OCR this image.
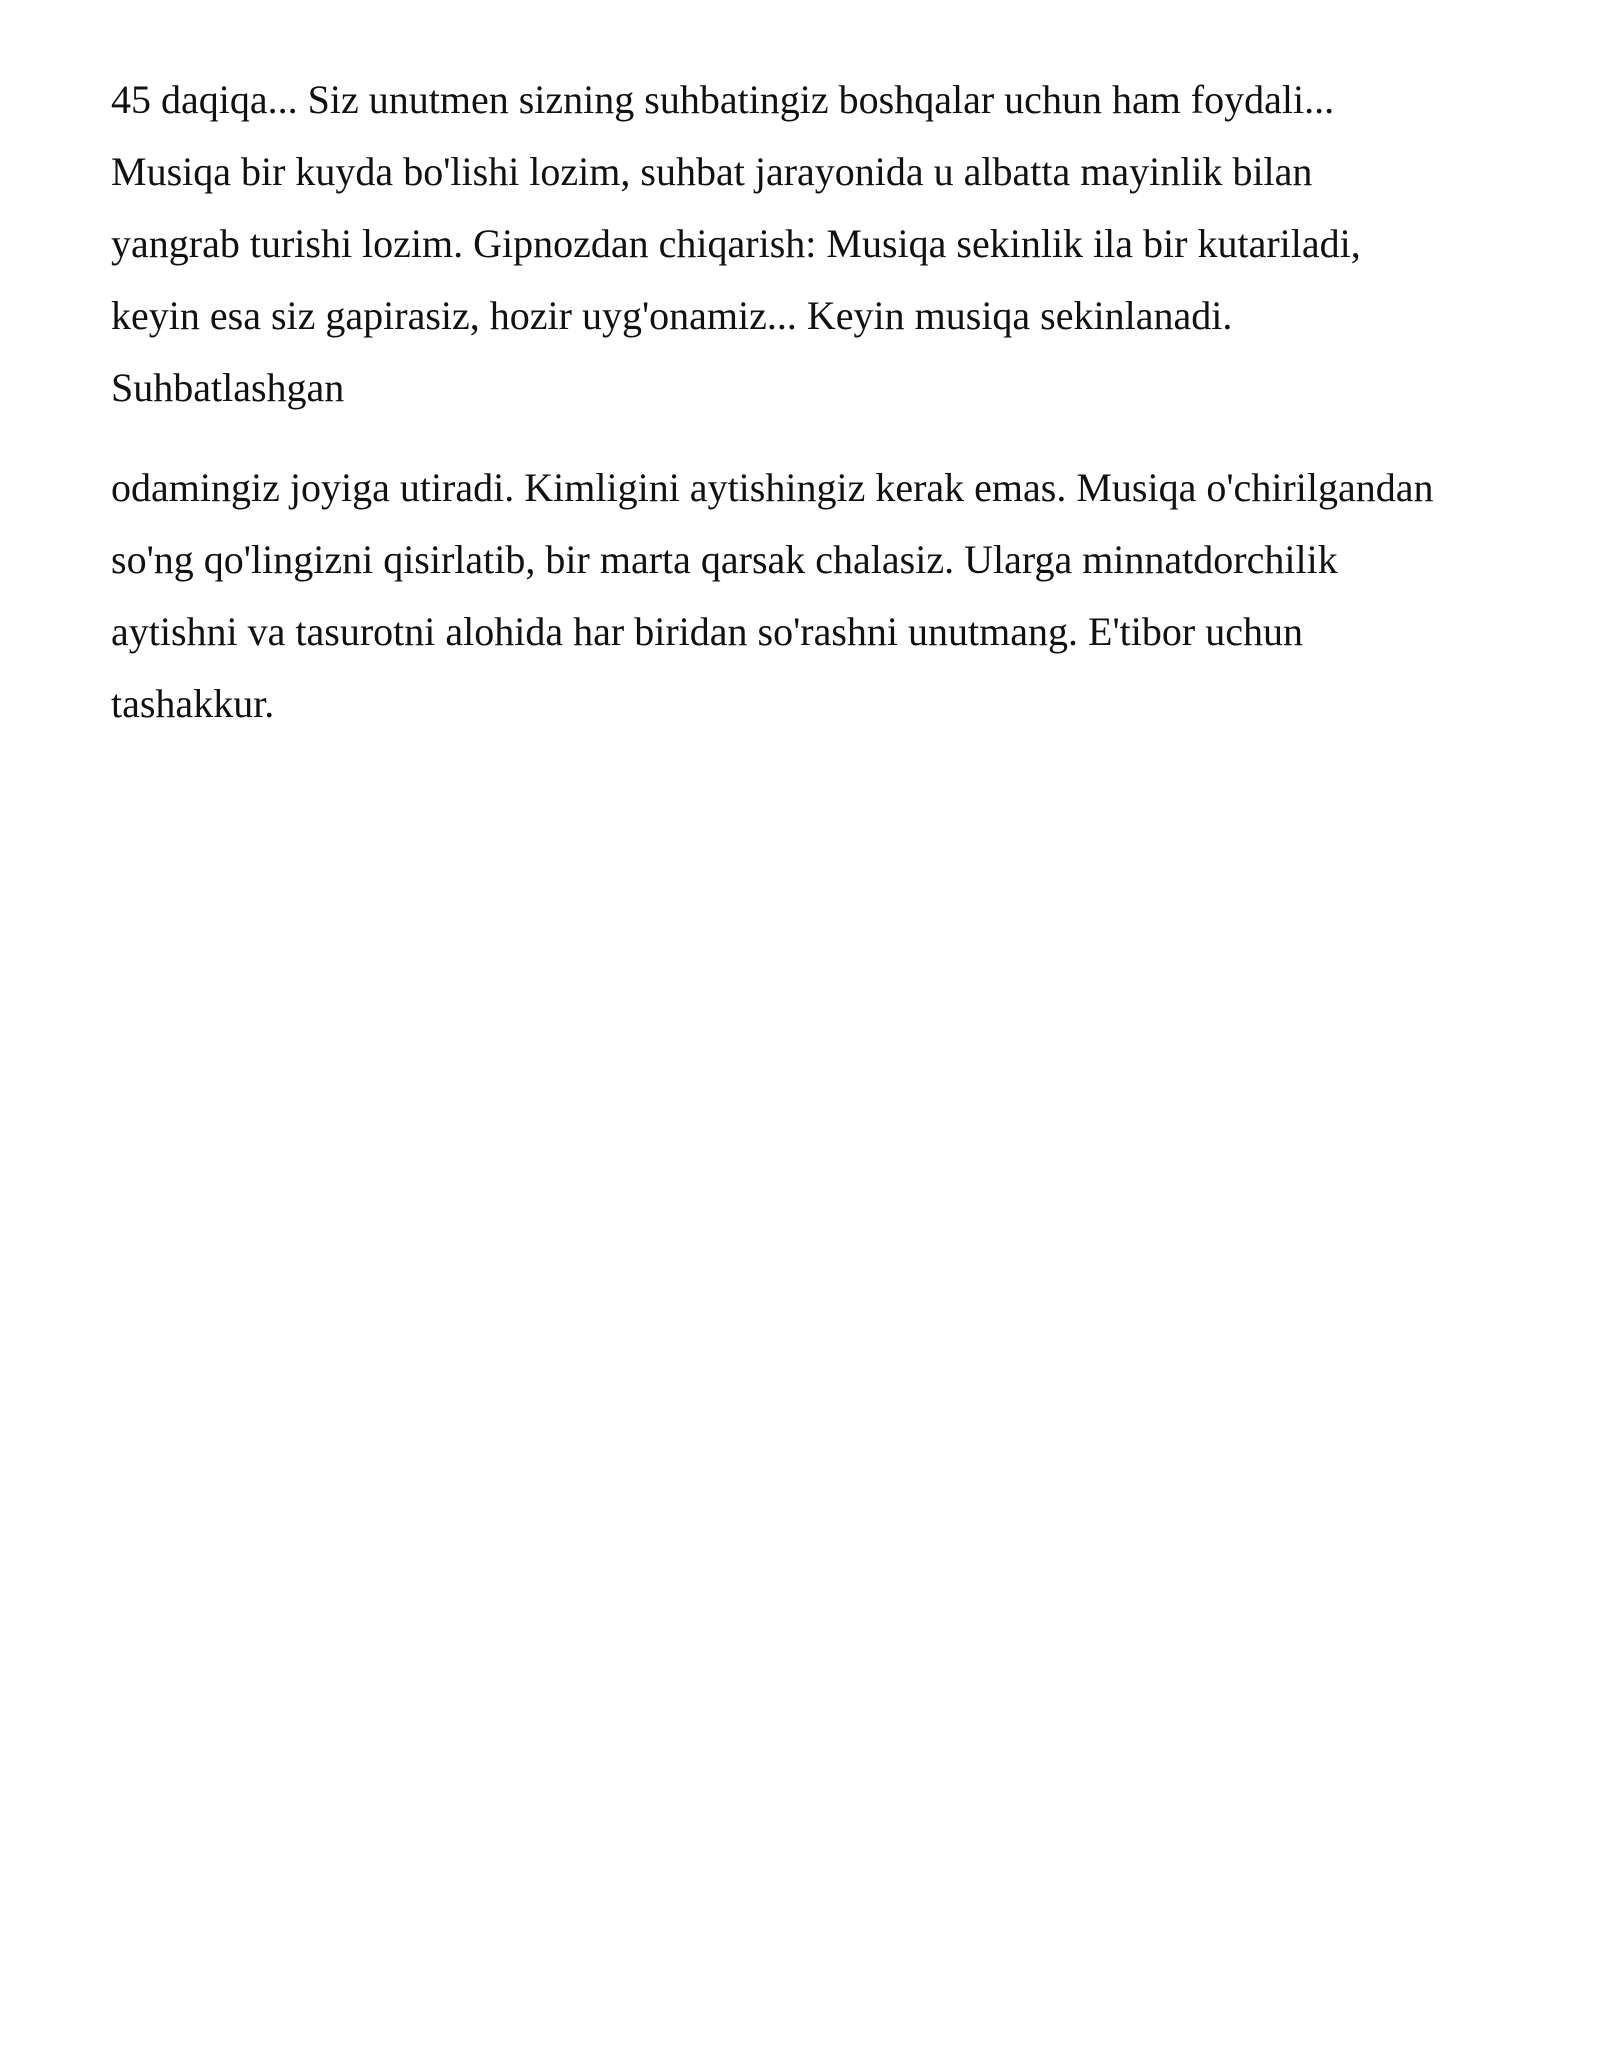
45 daqiqa... Siz unutmen sizning suhbatingiz boshqalar uchun ham foydali...
Musiqa bir kuyda bo'lishi lozim, suhbat jarayonida u albatta mayinlik bilan
yangrab turishi lozim. Gipnozdan chiqarish: Musiqa sekinlik ila bir kutariladi,
keyin esa siz gapirasiz, hozir uyg'onamiz... Keyin musiqa sekinlanadi.
Suhbatlashgan

odamingiz joyiga utiradi. Kimligini aytishingiz kerak emas. Musiqa o'chirilgandan
so'ng qo'lingizni qisirlatib, bir marta qarsak chalasiz. Ularga minnatdorchilik
aytishni va tasurotni alohida har biridan so'rashni unutmang. E'tibor uchun
tashakkur.
